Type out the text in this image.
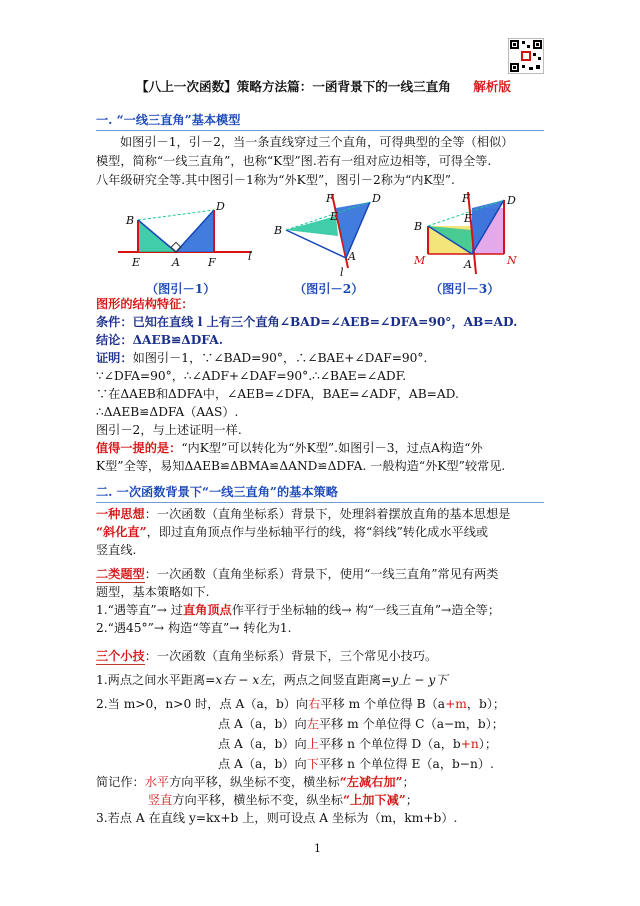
【八上一次函数】策略方法篇：一函背景下的一线三直角 解析版
一. “一线三直角”基本模型
如图引－1，引－2，当一条直线穿过三个直角，可得典型的全等（相似）
模型，简称“一线三直角”，也称“K型”图.若有一组对应边相等，可得全等.
八年级研究全等.其中图引－1称为“外K型”，图引－2称为“内K型”.
B
D
E	A	F	l
F	D
E
B
A
l
F	D
E
B
M	A	N
（图引－1）	（图引－2）	（图引－3）
图形的结构特征：
条件：已知在直线 l 上有三个直角∠BAD=∠AEB=∠DFA=90°，AB=AD.
结论：ΔAEB≌ΔDFA.
证明：如图引－1，∵∠BAD=90°，∴∠BAE+∠DAF=90°.
∵∠DFA=90°，∴∠ADF+∠DAF=90°.∴∠BAE=∠ADF.
∵在ΔAEB和ΔDFA中，∠AEB=∠DFA，BAE=∠ADF，AB=AD.
∴ΔAEB≌ΔDFA（AAS）.
图引－2，与上述证明一样.
值得一提的是：“内K型”可以转化为“外K型”.如图引－3，过点A构造“外
K型”全等，易知ΔAEB≌ΔBMA≌ΔAND≌ΔDFA. 一般构造“外K型”较常见.
二. 一次函数背景下“一线三直角”的基本策略
一种思想：一次函数（直角坐标系）背景下，处理斜着摆放直角的基本思想是
“斜化直”，即过直角顶点作与坐标轴平行的线，将“斜线”转化成水平线或
竖直线.
二类题型：一次函数（直角坐标系）背景下，使用“一线三直角”常见有两类
题型，基本策略如下.
1.“遇等直”→ 过直角顶点作平行于坐标轴的线→ 构“一线三直角”→造全等；
2.“遇45°”→ 构造“等直”→ 转化为1.
三个小技：一次函数（直角坐标系）背景下，三个常见小技巧。
1.两点之间水平距离=x右 − x左，两点之间竖直距离=y上 − y下
2.当 m>0，n>0 时，点 A（a，b）向右平移 m 个单位得 B（a+m，b）；
点 A（a，b）向左平移 m 个单位得 C（a−m，b）；
点 A（a，b）向上平移 n 个单位得 D（a，b+n）；
点 A（a，b）向下平移 n 个单位得 E（a，b−n）.
简记作：水平方向平移，纵坐标不变，横坐标“左减右加”；
竖直方向平移，横坐标不变，纵坐标“上加下减”；
3.若点 A 在直线 y=kx+b 上，则可设点 A 坐标为（m，km+b）.
1
